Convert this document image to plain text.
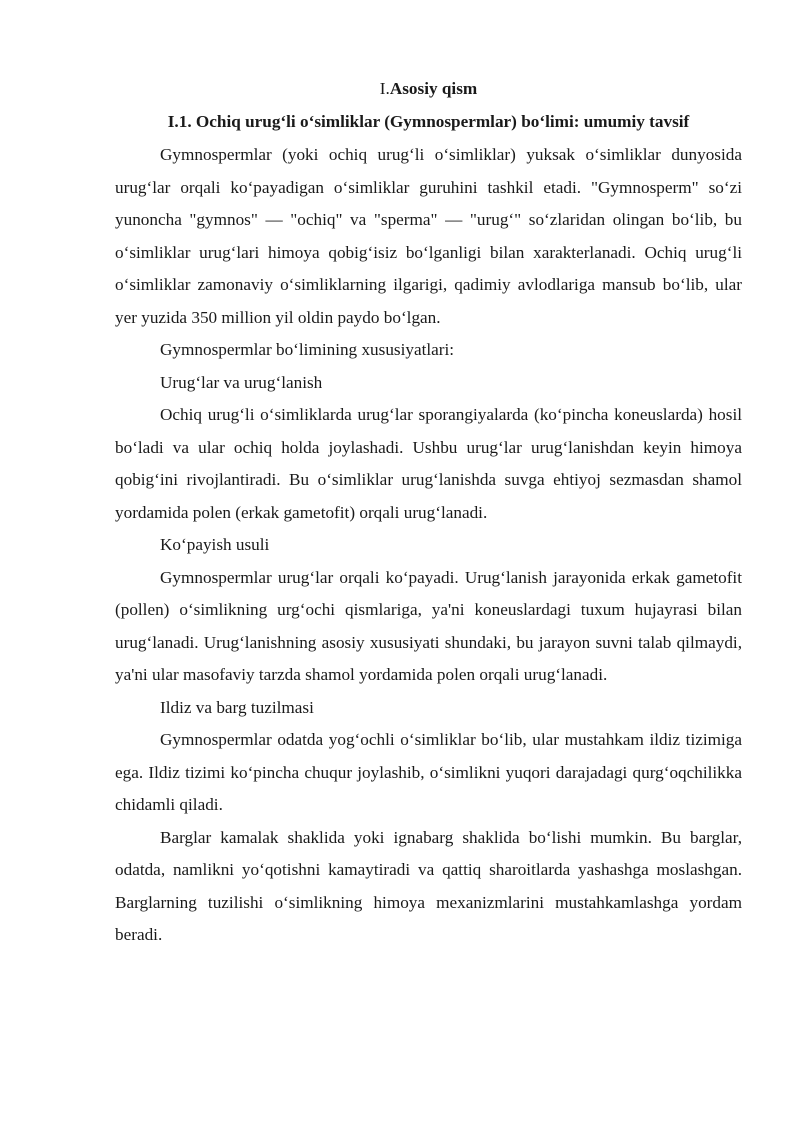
I.Asosiy qism
I.1. Ochiq urug‘li o‘simliklar (Gymnospermlar) bo‘limi: umumiy tavsif

Gymnospermlar (yoki ochiq urug‘li o‘simliklar) yuksak o‘simliklar dunyosida urug‘lar orqali ko‘payadigan o‘simliklar guruhini tashkil etadi. "Gymnosperm" so‘zi yunoncha "gymnos" — "ochiq" va "sperma" — "urug‘" so‘zlaridan olingan bo‘lib, bu o‘simliklar urug‘lari himoya qobig‘isiz bo‘lganligi bilan xarakterlanadi. Ochiq urug‘li o‘simliklar zamonaviy o‘simliklarning ilgarigi, qadimiy avlodlariga mansub bo‘lib, ular yer yuzida 350 million yil oldin paydo bo‘lgan.

Gymnospermlar bo‘limining xususiyatlari:

Urug‘lar va urug‘lanish

Ochiq urug‘li o‘simliklarda urug‘lar sporangiyalarda (ko‘pincha koneuslarda) hosil bo‘ladi va ular ochiq holda joylashadi. Ushbu urug‘lar urug‘lanishdan keyin himoya qobig‘ini rivojlantiradi. Bu o‘simliklar urug‘lanishda suvga ehtiyoj sezmasdan shamol yordamida polen (erkak gametofit) orqali urug‘lanadi.

Ko‘payish usuli

Gymnospermlar urug‘lar orqali ko‘payadi. Urug‘lanish jarayonida erkak gametofit (pollen) o‘simlikning urg‘ochi qismlariga, ya'ni koneuslardagi tuxum hujayrasi bilan urug‘lanadi. Urug‘lanishning asosiy xususiyati shundaki, bu jarayon suvni talab qilmaydi, ya'ni ular masofaviy tarzda shamol yordamida polen orqali urug‘lanadi.

Ildiz va barg tuzilmasi

Gymnospermlar odatda yog‘ochli o‘simliklar bo‘lib, ular mustahkam ildiz tizimiga ega. Ildiz tizimi ko‘pincha chuqur joylashib, o‘simlikni yuqori darajadagi qurg‘oqchilikka chidamli qiladi.

Barglar kamalak shaklida yoki ignabarg shaklida bo‘lishi mumkin. Bu barglar, odatda, namlikni yo‘qotishni kamaytiradi va qattiq sharoitlarda yashashga moslashgan. Barglarning tuzilishi o‘simlikning himoya mexanizmlarini mustahkamlashga yordam beradi.
